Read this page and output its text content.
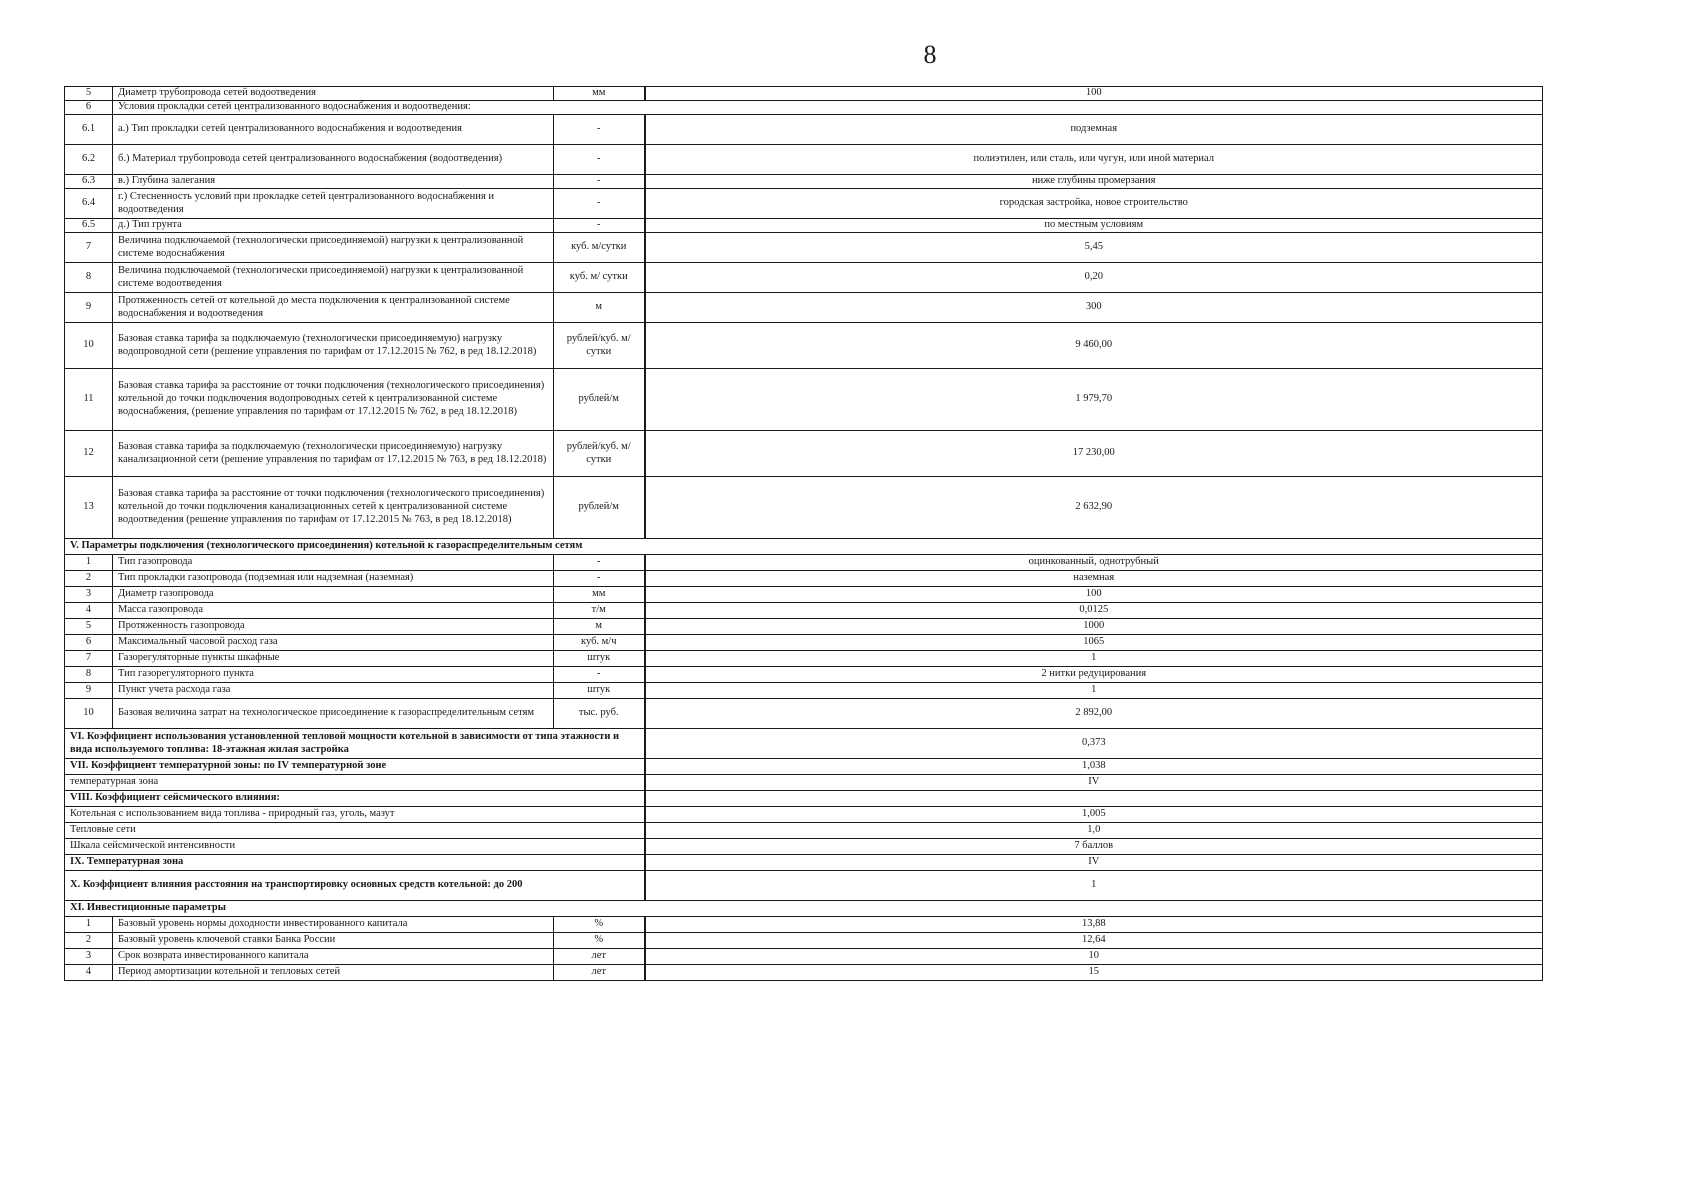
8
5	Диаметр трубопровода сетей водоотведения	мм	100
6	Условия прокладки сетей централизованного водоснабжения и водоотведения:		
6.1	а.) Тип прокладки сетей централизованного водоснабжения и водоотведения	-	подземная
6.2	б.) Материал трубопровода сетей централизованного водоснабжения (водоотведения)	-	полиэтилен, или сталь, или чугун, или иной материал
6.3	в.) Глубина залегания	-	ниже глубины промерзания
6.4	г.) Стесненность условий при прокладке сетей централизованного водоснабжения и водоотведения	-	городская застройка, новое строительство
6.5	д.) Тип грунта	-	по местным условиям
7	Величина подключаемой (технологически присоединяемой) нагрузки к централизованной системе водоснабжения	куб. м/сутки	5,45
8	Величина подключаемой (технологически присоединяемой) нагрузки к централизованной системе водоотведения	куб. м/ сутки	0,20
9	Протяженность сетей от котельной до места подключения к централизованной системе водоснабжения и водоотведения	м	300
10	Базовая ставка тарифа за подключаемую (технологически присоединяемую) нагрузку водопроводной сети (решение управления по тарифам от 17.12.2015 № 762, в ред 18.12.2018)	рублей/куб. м/сутки	9 460,00
11	Базовая ставка тарифа за расстояние от точки подключения (технологического присоединения) котельной до точки подключения водопроводных сетей к централизованной системе водоснабжения, (решение управления по тарифам от 17.12.2015 № 762, в ред 18.12.2018)	рублей/м	1 979,70
12	Базовая ставка тарифа за подключаемую (технологически присоединяемую) нагрузку канализационной сети (решение управления по тарифам от 17.12.2015 № 763, в ред 18.12.2018)	рублей/куб. м/сутки	17 230,00
13	Базовая ставка тарифа за расстояние от точки подключения (технологического присоединения) котельной до точки подключения канализационных сетей к централизованной системе водоотведения (решение управления по тарифам от 17.12.2015 № 763, в ред 18.12.2018)	рублей/м	2 632,90
V. Параметры подключения (технологического присоединения) котельной к газораспределительным сетям			
1	Тип газопровода	-	оцинкованный, однотрубный
2	Тип прокладки газопровода (подземная или надземная (наземная)	-	наземная
3	Диаметр газопровода	мм	100
4	Масса газопровода	т/м	0,0125
5	Протяженность газопровода	м	1000
6	Максимальный часовой расход газа	куб. м/ч	1065
7	Газорегуляторные пункты шкафные	штук	1
8	Тип газорегуляторного пункта	-	2 нитки редуцирования
9	Пункт учета расхода газа	штук	1
10	Базовая величина затрат на технологическое присоединение к газораспределительным сетям	тыс. руб.	2 892,00
VI. Коэффициент использования установленной тепловой мощности котельной в зависимости от типа этажности и вида используемого топлива: 18-этажная жилая застройка			0,373
VII. Коэффициент температурной зоны: по IV температурной зоне			1,038
температурная зона			IV
VIII. Коэффициент сейсмического влияния:			
Котельная с использованием вида топлива - природный газ, уголь, мазут			1,005
Тепловые сети			1,0
Шкала сейсмической интенсивности			7 баллов
IX. Температурная зона			IV
X. Коэффициент влияния расстояния на транспортировку основных средств котельной: до 200			1
XI. Инвестиционные параметры			
1	Базовый уровень нормы доходности инвестированного капитала	%	13,88
2	Базовый уровень ключевой ставки Банка России	%	12,64
3	Срок возврата инвестированного капитала	лет	10
4	Период амортизации котельной и тепловых сетей	лет	15
